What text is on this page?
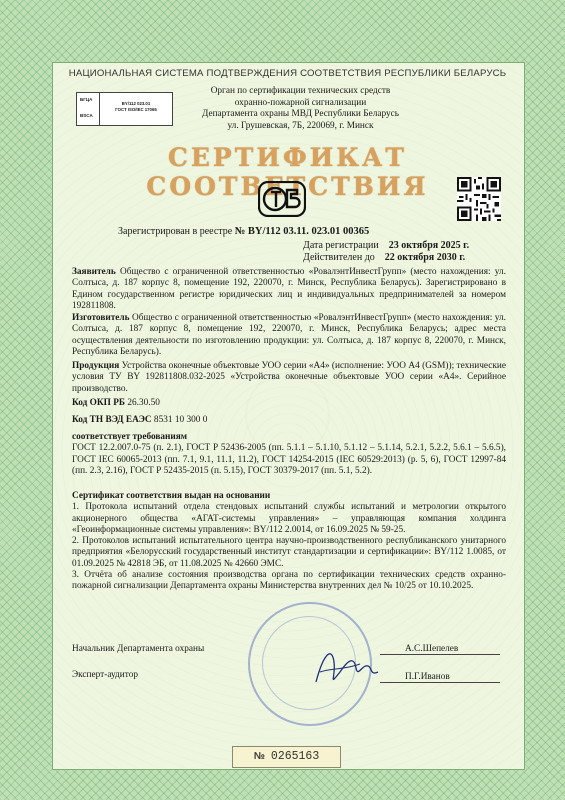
НАЦИОНАЛЬНАЯ СИСТЕМА ПОДТВЕРЖДЕНИЯ СООТВЕТСТВИЯ РЕСПУБЛИКИ БЕЛАРУСЬ
БГЦА
BSCA
BY/112 023.01
ГОСТ ISO/IEC 17065
Орган по сертификации технических средств
охранно-пожарной сигнализации
Департамента охраны МВД Республики Беларусь
ул. Грушевская, 7Б, 220069, г. Минск
СЕРТИФИКАТ СООТВЕТСТВИЯ
Зарегистрирован в реестре № BY/112 03.11. 023.01 00365
Дата регистрации 23 октября 2025 г.
Действителен до 22 октября 2030 г.
Заявитель Общество с ограниченной ответственностью «РовалэнтИнвестГрупп» (место нахождения: ул. Солтыса, д. 187 корпус 8, помещение 192, 220070, г. Минск, Республика Беларусь). Зарегистрировано в Едином государственном регистре юридических лиц и индивидуальных предпринимателей за номером 192811808.
Изготовитель Общество с ограниченной ответственностью «РовалэнтИнвестГрупп» (место нахождения: ул. Солтыса, д. 187 корпус 8, помещение 192, 220070, г. Минск, Республика Беларусь; адрес места осуществления деятельности по изготовлению продукции: ул. Солтыса, д. 187 корпус 8, 220070, г. Минск, Республика Беларусь).
Продукция Устройства оконечные объектовые УОО серии «А4» (исполнение: УОО А4 (GSM)); технические условия ТУ BY 192811808.032-2025 «Устройства оконечные объектовые УОО серии «А4». Серийное производство.
Код ОКП РБ 26.30.50
Код ТН ВЭД ЕАЭС 8531 10 300 0
соответствует требованиям
ГОСТ 12.2.007.0-75 (п. 2.1), ГОСТ Р 52436-2005 (пп. 5.1.1 – 5.1.10, 5.1.12 – 5.1.14, 5.2.1, 5.2.2, 5.6.1 – 5.6.5), ГОСТ IEC 60065-2013 (пп. 7.1, 9.1, 11.1, 11.2), ГОСТ 14254-2015 (IEC 60529:2013) (р. 5, 6), ГОСТ 12997-84 (пп. 2.3, 2.16), ГОСТ Р 52435-2015 (п. 5.15), ГОСТ 30379-2017 (пп. 5.1, 5.2).
Сертификат соответствия выдан на основании
1. Протокола испытаний отдела стендовых испытаний службы испытаний и метрологии открытого акционерного общества «АГАТ-системы управления» – управляющая компания холдинга «Геоинформационные системы управления»: BY/112 2.0014, от 16.09.2025 № 59-25.
2. Протоколов испытаний испытательного центра научно-производственного республиканского унитарного предприятия «Белорусский государственный институт стандартизации и сертификации»: BY/112 1.0085, от 01.09.2025 № 42818 ЭБ, от 11.08.2025 № 42660 ЭМС.
3. Отчёта об анализе состояния производства органа по сертификации технических средств охранно-пожарной сигнализации Департамента охраны Министерства внутренних дел № 10/25 от 10.10.2025.
Начальник Департамента охраны	А.С.Шепелев
Эксперт-аудитор	П.Г.Иванов
№ 0265163
